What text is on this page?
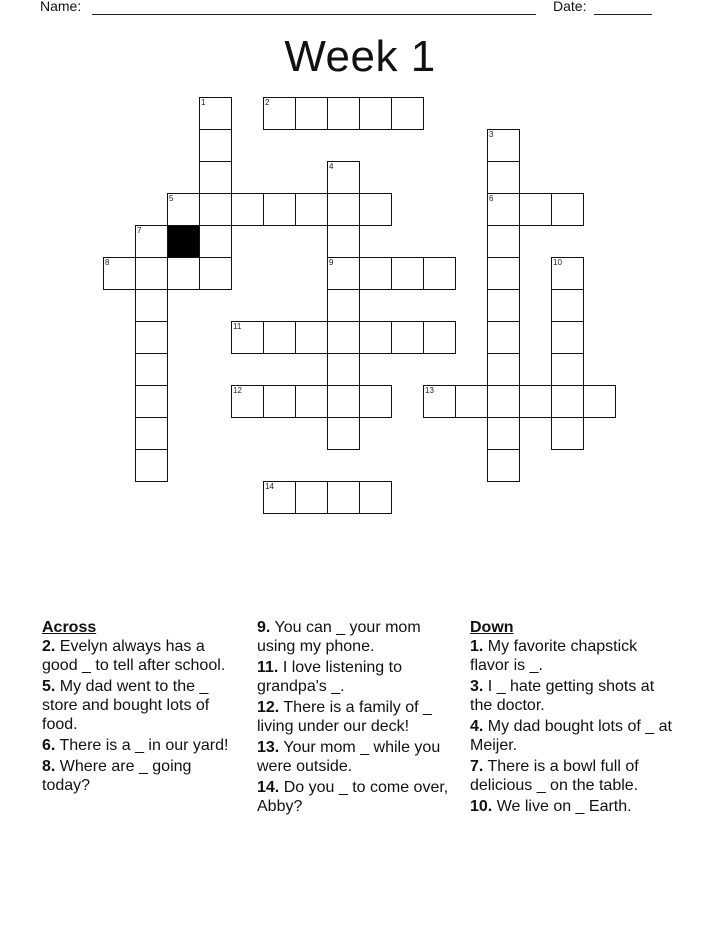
Name:	Date:
Week 1
1	2
3
6
4
9
5
7
8	10
11
12	13
14
Across
2. Evelyn always has a good _ to tell after school.
5. My dad went to the _ store and bought lots of food.
6. There is a _ in our yard!
8. Where are _ going today?
9. You can _ your mom using my phone.
11. I love listening to grandpa's _.
12. There is a family of _ living under our deck!
13. Your mom _ while you were outside.
14. Do you _ to come over, Abby?
Down
1. My favorite chapstick flavor is _.
3. I _ hate getting shots at the doctor.
4. My dad bought lots of _ at Meijer.
7. There is a bowl full of delicious _ on the table.
10. We live on _ Earth.
